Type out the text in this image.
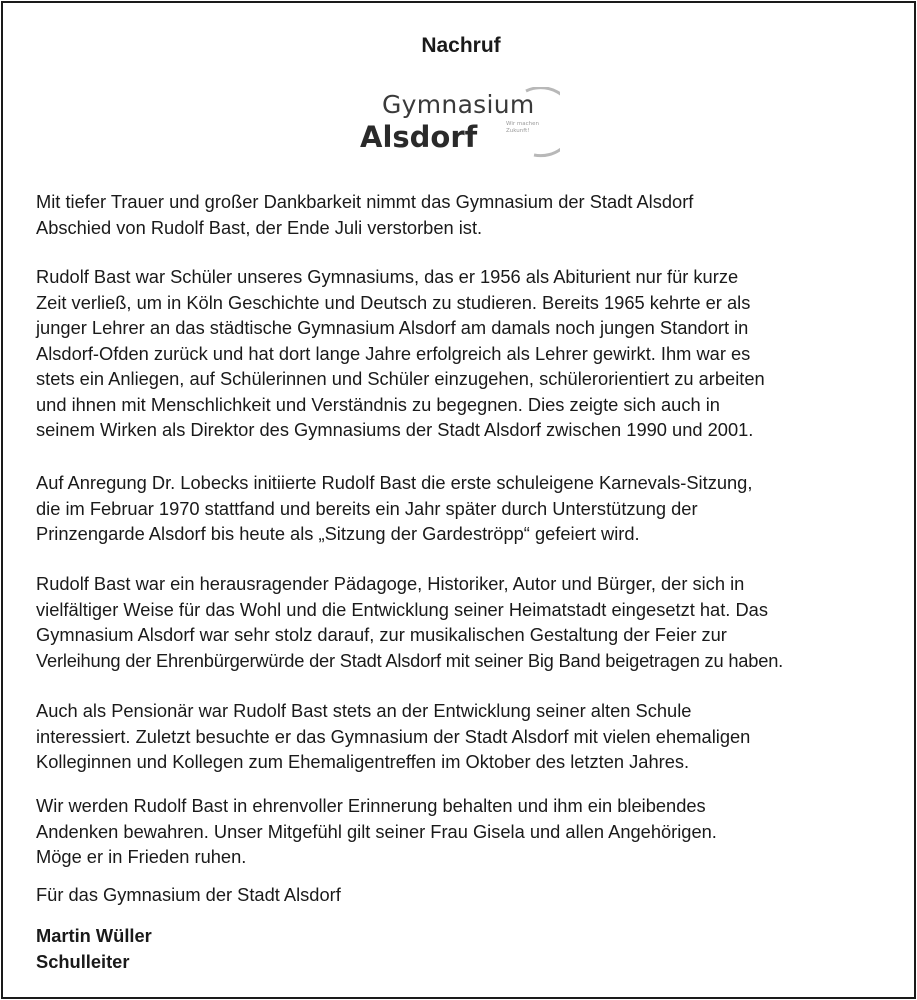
Nachruf
Gymnasium
Alsdorf	Wir machen
Zukunft!
Mit tiefer Trauer und großer Dankbarkeit nimmt das Gymnasium der Stadt Alsdorf
Abschied von Rudolf Bast, der Ende Juli verstorben ist.
Rudolf Bast war Schüler unseres Gymnasiums, das er 1956 als Abiturient nur für kurze
Zeit verließ, um in Köln Geschichte und Deutsch zu studieren. Bereits 1965 kehrte er als
junger Lehrer an das städtische Gymnasium Alsdorf am damals noch jungen Standort in
Alsdorf-Ofden zurück und hat dort lange Jahre erfolgreich als Lehrer gewirkt. Ihm war es
stets ein Anliegen, auf Schülerinnen und Schüler einzugehen, schülerorientiert zu arbeiten
und ihnen mit Menschlichkeit und Verständnis zu begegnen. Dies zeigte sich auch in
seinem Wirken als Direktor des Gymnasiums der Stadt Alsdorf zwischen 1990 und 2001.
Auf Anregung Dr. Lobecks initiierte Rudolf Bast die erste schuleigene Karnevals-Sitzung,
die im Februar 1970 stattfand und bereits ein Jahr später durch Unterstützung der
Prinzengarde Alsdorf bis heute als „Sitzung der Gardeströpp“ gefeiert wird.
Rudolf Bast war ein herausragender Pädagoge, Historiker, Autor und Bürger, der sich in
vielfältiger Weise für das Wohl und die Entwicklung seiner Heimatstadt eingesetzt hat. Das
Gymnasium Alsdorf war sehr stolz darauf, zur musikalischen Gestaltung der Feier zur
Verleihung der Ehrenbürgerwürde der Stadt Alsdorf mit seiner Big Band beigetragen zu haben.
Auch als Pensionär war Rudolf Bast stets an der Entwicklung seiner alten Schule
interessiert. Zuletzt besuchte er das Gymnasium der Stadt Alsdorf mit vielen ehemaligen
Kolleginnen und Kollegen zum Ehemaligentreffen im Oktober des letzten Jahres.
Wir werden Rudolf Bast in ehrenvoller Erinnerung behalten und ihm ein bleibendes
Andenken bewahren. Unser Mitgefühl gilt seiner Frau Gisela und allen Angehörigen.
Möge er in Frieden ruhen.
Für das Gymnasium der Stadt Alsdorf
Martin Wüller
Schulleiter
